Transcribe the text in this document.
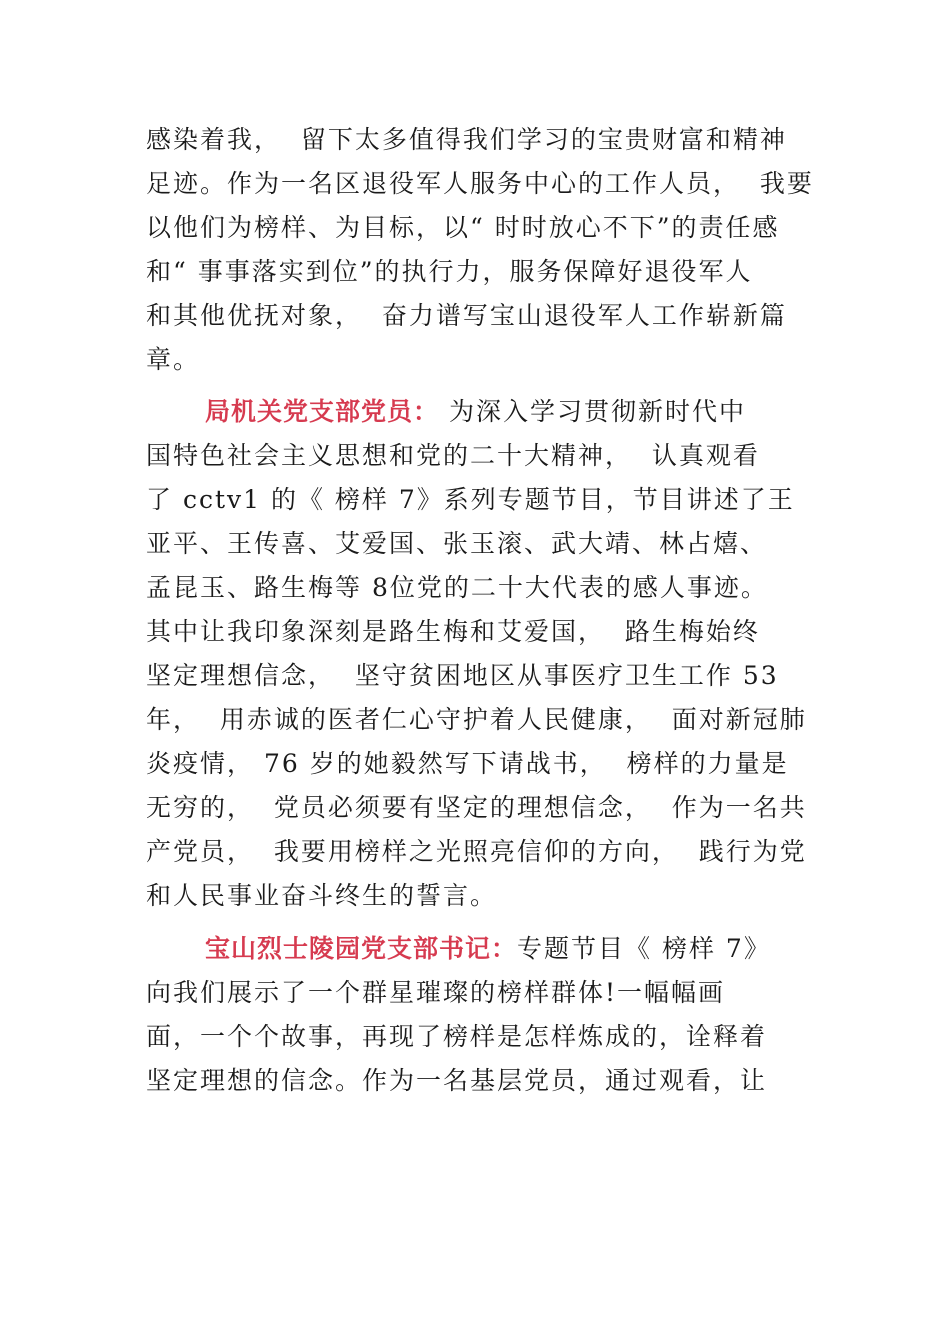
感染着我，  留下太多值得我们学习的宝贵财富和精神
足迹。作为一名区退役军人服务中心的工作人员，  我要
以他们为榜样、为目标，以“ 时时放心不下”的责任感
和“ 事事落实到位”的执行力，服务保障好退役军人
和其他优抚对象，  奋力谱写宝山退役军人工作崭新篇
章。
局机关党支部党员： 为深入学习贯彻新时代中
国特色社会主义思想和党的二十大精神，  认真观看
了 cctv1 的《 榜样 7》系列专题节目，节目讲述了王
亚平、王传喜、艾爱国、张玉滚、武大靖、林占熺、
孟昆玉、路生梅等 8位党的二十大代表的感人事迹。
其中让我印象深刻是路生梅和艾爱国，  路生梅始终
坚定理想信念，  坚守贫困地区从事医疗卫生工作 53
年，  用赤诚的医者仁心守护着人民健康，  面对新冠肺
炎疫情， 76 岁的她毅然写下请战书，  榜样的力量是
无穷的，  党员必须要有坚定的理想信念，  作为一名共
产党员，  我要用榜样之光照亮信仰的方向，  践行为党
和人民事业奋斗终生的誓言。
宝山烈士陵园党支部书记：专题节目《 榜样 7》
向我们展示了一个群星璀璨的榜样群体!一幅幅画
面，一个个故事，再现了榜样是怎样炼成的，诠释着
坚定理想的信念。作为一名基层党员，通过观看，让
